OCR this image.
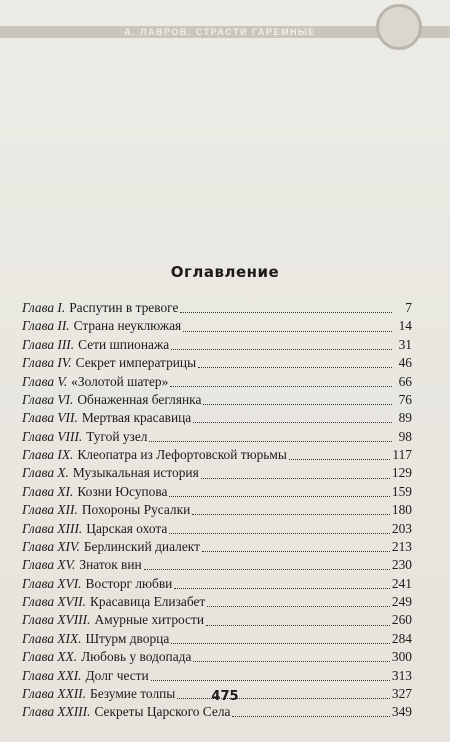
А. ЛАВРОВ. СТРАСТИ ГАРЕМНЫЕ
Оглавление
Глава I. Распутин в тревоге	7
Глава II. Страна неуклюжая	14
Глава III. Сети шпионажа	31
Глава IV. Секрет императрицы	46
Глава V. «Золотой шатер»	66
Глава VI. Обнаженная беглянка	76
Глава VII. Мертвая красавица	89
Глава VIII. Тугой узел	98
Глава IX. Клеопатра из Лефортовской тюрьмы	117
Глава X. Музыкальная история	129
Глава XI. Козни Юсупова	159
Глава XII. Похороны Русалки	180
Глава XIII. Царская охота	203
Глава XIV. Берлинский диалект	213
Глава XV. Знаток вин	230
Глава XVI. Восторг любви	241
Глава XVII. Красавица Елизабет	249
Глава XVIII. Амурные хитрости	260
Глава XIX. Штурм дворца	284
Глава XX. Любовь у водопада	300
Глава XXI. Долг чести	313
Глава XXII. Безумие толпы	327
Глава XXIII. Секреты Царского Села	349
475
